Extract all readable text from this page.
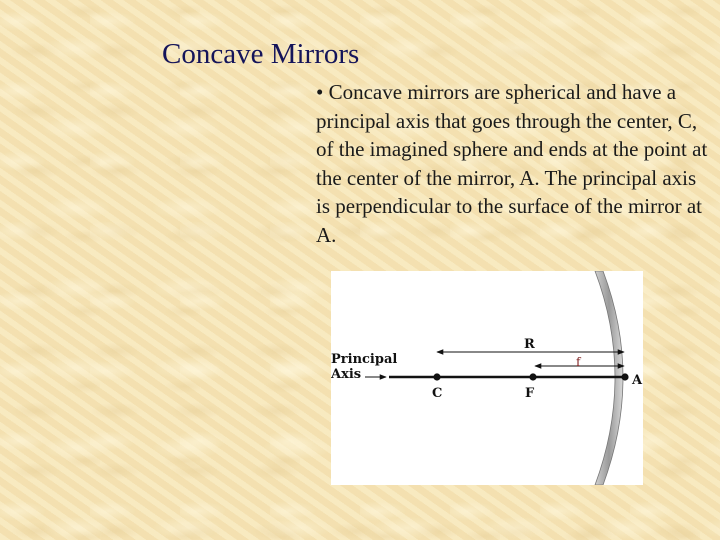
Concave Mirrors

• Concave mirrors are spherical and have a principal axis that goes through the center, C, of the imagined sphere and ends at the point at the center of the mirror, A. The principal axis is perpendicular to the surface of the mirror at A.

Principal
Axis
R
f
C	F
A
